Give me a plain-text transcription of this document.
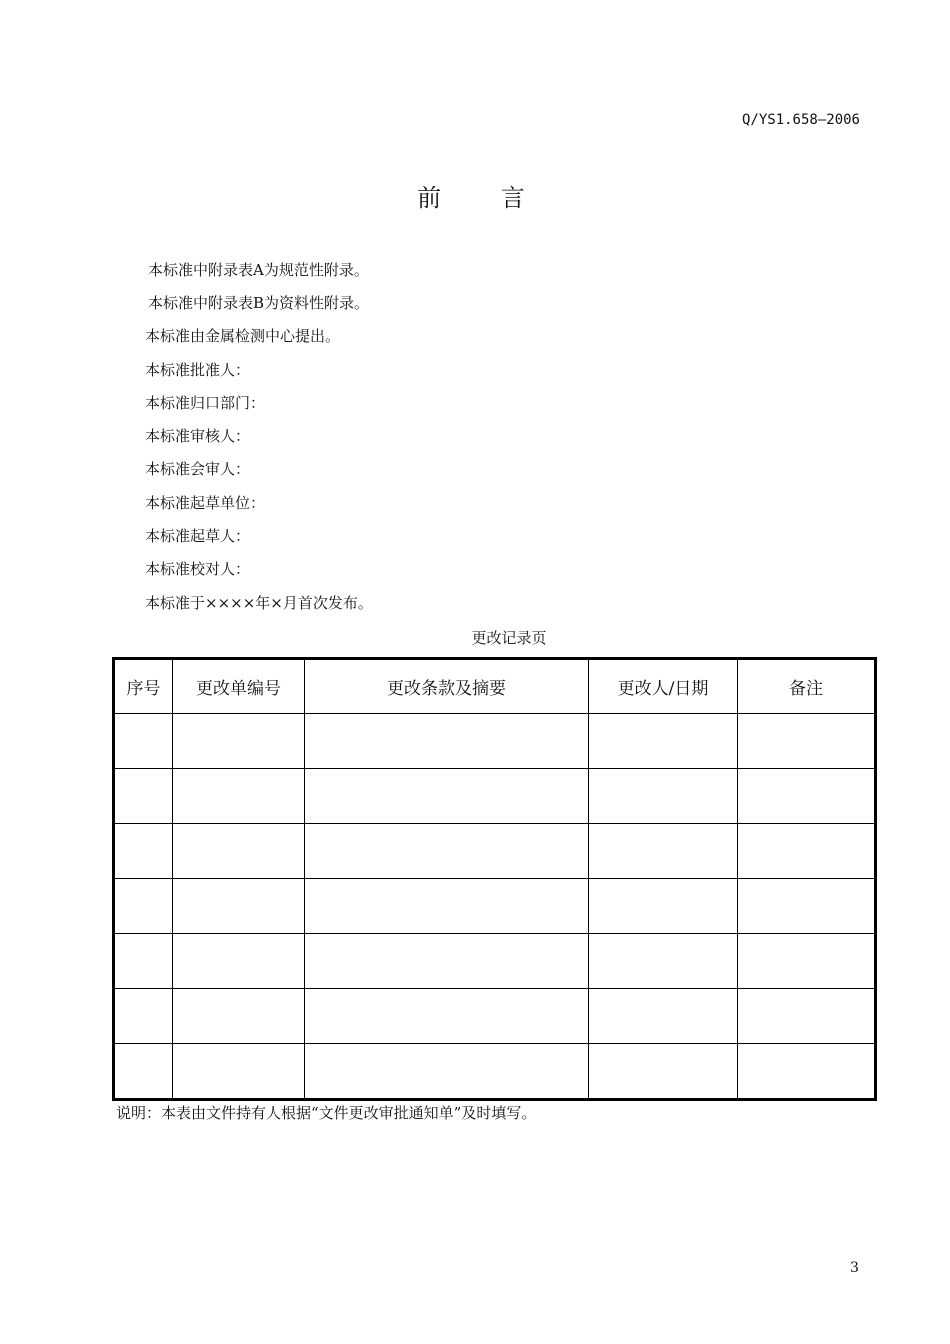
Q/YS1.658—2006
前 言
本标准中附录表A为规范性附录。
本标准中附录表B为资料性附录。
本标准由金属检测中心提出。
本标准批准人：
本标准归口部门：
本标准审核人：
本标准会审人：
本标准起草单位：
本标准起草人：
本标准校对人：
本标准于××××年×月首次发布。
更改记录页
序号	更改单编号	更改条款及摘要	更改人/日期	备注

说明：本表由文件持有人根据“文件更改审批通知单”及时填写。
3
